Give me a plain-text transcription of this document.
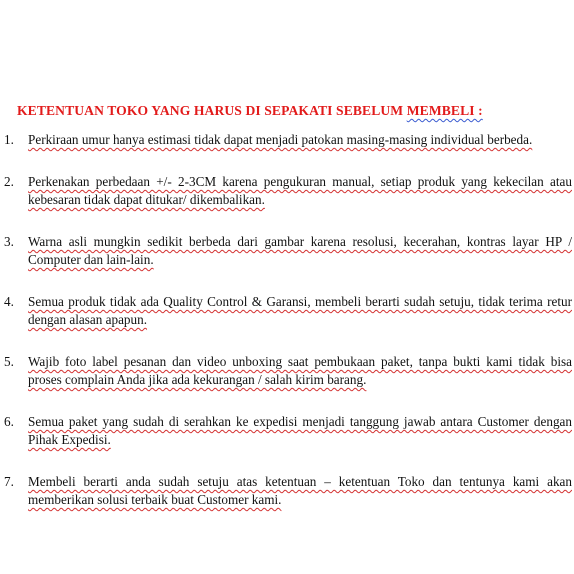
KETENTUAN TOKO YANG HARUS DI SEPAKATI SEBELUM MEMBELI :
1. Perkiraan umur hanya estimasi tidak dapat menjadi patokan masing-masing individual berbeda.
2. Perkenakan perbedaan +/- 2-3CM karena pengukuran manual, setiap produk yang kekecilan atau kebesaran tidak dapat ditukar/ dikembalikan.
3. Warna asli mungkin sedikit berbeda dari gambar karena resolusi, kecerahan, kontras layar HP / Computer dan lain-lain.
4. Semua produk tidak ada Quality Control & Garansi, membeli berarti sudah setuju, tidak terima retur dengan alasan apapun.
5. Wajib foto label pesanan dan video unboxing saat pembukaan paket, tanpa bukti kami tidak bisa proses complain Anda jika ada kekurangan / salah kirim barang.
6. Semua paket yang sudah di serahkan ke expedisi menjadi tanggung jawab antara Customer dengan Pihak Expedisi.
7. Membeli berarti anda sudah setuju atas ketentuan – ketentuan Toko dan tentunya kami akan memberikan solusi terbaik buat Customer kami.
